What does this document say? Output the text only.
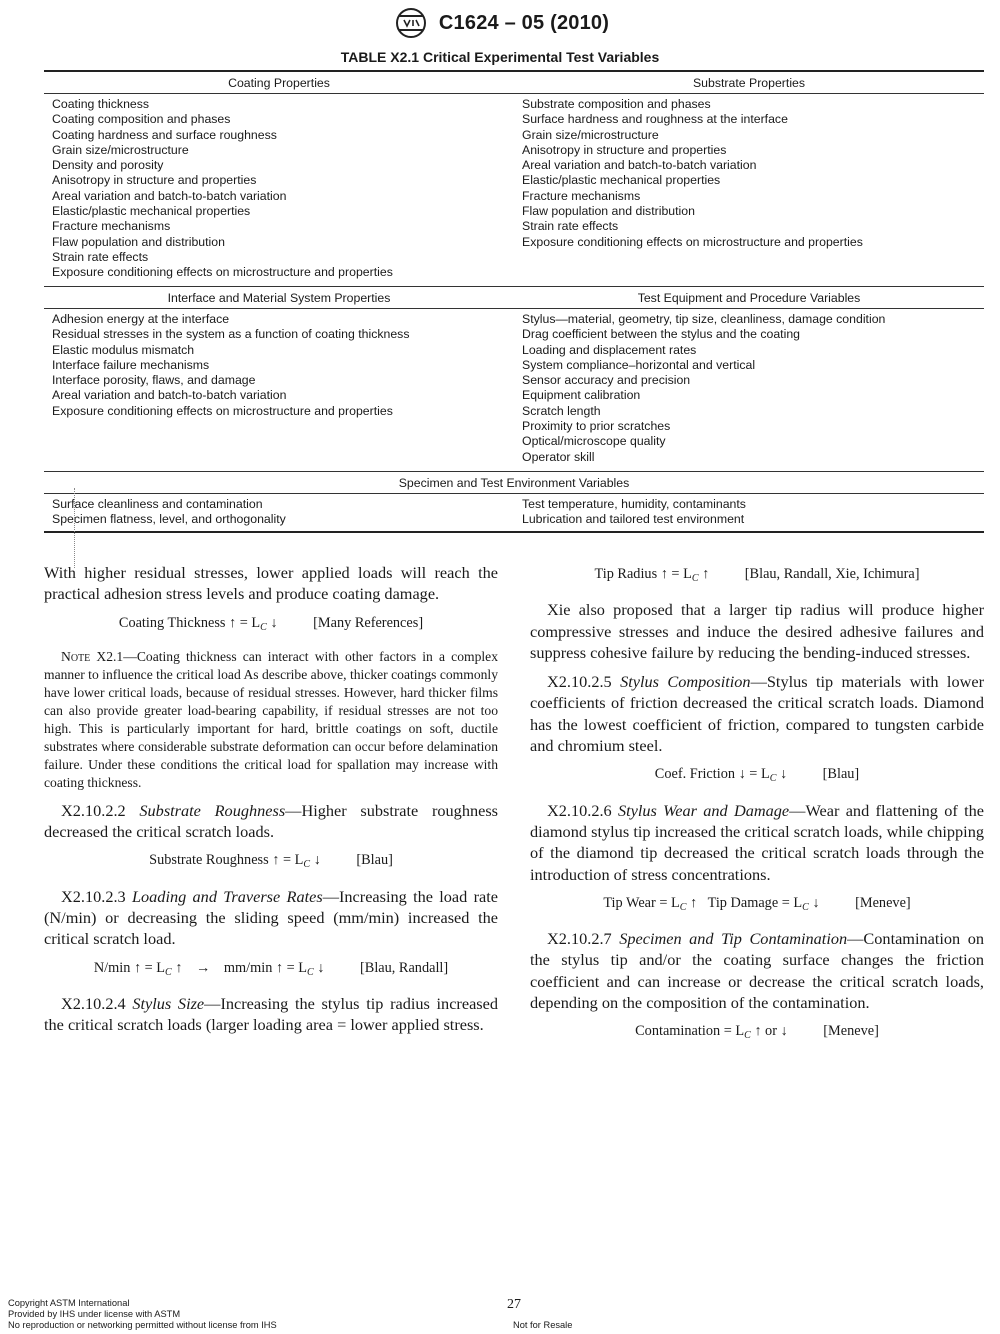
C1624 – 05 (2010)
TABLE X2.1 Critical Experimental Test Variables
Coating Properties	Substrate Properties
Coating thickness
Coating composition and phases
Coating hardness and surface roughness
Grain size/microstructure
Density and porosity
Anisotropy in structure and properties
Areal variation and batch-to-batch variation
Elastic/plastic mechanical properties
Fracture mechanisms
Flaw population and distribution
Strain rate effects
Exposure conditioning effects on microstructure and properties
Substrate composition and phases
Surface hardness and roughness at the interface
Grain size/microstructure
Anisotropy in structure and properties
Areal variation and batch-to-batch variation
Elastic/plastic mechanical properties
Fracture mechanisms
Flaw population and distribution
Strain rate effects
Exposure conditioning effects on microstructure and properties
Interface and Material System Properties	Test Equipment and Procedure Variables
Adhesion energy at the interface
Residual stresses in the system as a function of coating thickness
Elastic modulus mismatch
Interface failure mechanisms
Interface porosity, flaws, and damage
Areal variation and batch-to-batch variation
Exposure conditioning effects on microstructure and properties
Stylus—material, geometry, tip size, cleanliness, damage condition
Drag coefficient between the stylus and the coating
Loading and displacement rates
System compliance–horizontal and vertical
Sensor accuracy and precision
Equipment calibration
Scratch length
Proximity to prior scratches
Optical/microscope quality
Operator skill
Specimen and Test Environment Variables
Surface cleanliness and contamination
Specimen flatness, level, and orthogonality
Test temperature, humidity, contaminants
Lubrication and tailored test environment

With higher residual stresses, lower applied loads will reach the practical adhesion stress levels and produce coating damage.

Coating Thickness ↑ = $L_C$ ↓ [Many References]

Note X2.1—Coating thickness can interact with other factors in a complex manner to influence the critical load As describe above, thicker coatings commonly have lower critical loads, because of residual stresses. However, hard thicker films can also provide greater load-bearing capability, if residual stresses are not too high. This is particularly important for hard, brittle coatings on soft, ductile substrates where considerable substrate deformation can occur before delamination failure. Under these conditions the critical load for spallation may increase with coating thickness.

X2.10.2.2 Substrate Roughness—Higher substrate roughness decreased the critical scratch loads.

Substrate Roughness ↑ = $L_C$ ↓ [Blau]

X2.10.2.3 Loading and Traverse Rates—Increasing the load rate (N/min) or decreasing the sliding speed (mm/min) increased the critical scratch load.

N/min ↑ = $L_C$ ↑ → mm/min ↑ = $L_C$ ↓ [Blau, Randall]

X2.10.2.4 Stylus Size—Increasing the stylus tip radius increased the critical scratch loads (larger loading area = lower applied stress.

Tip Radius ↑ = $L_C$ ↑ [Blau, Randall, Xie, Ichimura]

Xie also proposed that a larger tip radius will produce higher compressive stresses and induce the desired adhesive failures and suppress cohesive failure by reducing the bending-induced stresses.

X2.10.2.5 Stylus Composition—Stylus tip materials with lower coefficients of friction decreased the critical scratch loads. Diamond has the lowest coefficient of friction, compared to tungsten carbide and chromium steel.

Coef. Friction ↓ = $L_C$ ↓ [Blau]

X2.10.2.6 Stylus Wear and Damage—Wear and flattening of the diamond stylus tip increased the critical scratch loads, while chipping of the diamond tip decreased the critical scratch loads through the introduction of stress concentrations.

Tip Wear = $L_C$ ↑ Tip Damage = $L_C$ ↓ [Meneve]

X2.10.2.7 Specimen and Tip Contamination—Contamination on the stylus tip and/or the coating surface changes the friction coefficient and can increase or decrease the critical scratch loads, depending on the composition of the contamination.

Contamination = $L_C$ ↑ or ↓ [Meneve]
Copyright ASTM International
Provided by IHS under license with ASTM
No reproduction or networking permitted without license from IHS
27
Not for Resale
